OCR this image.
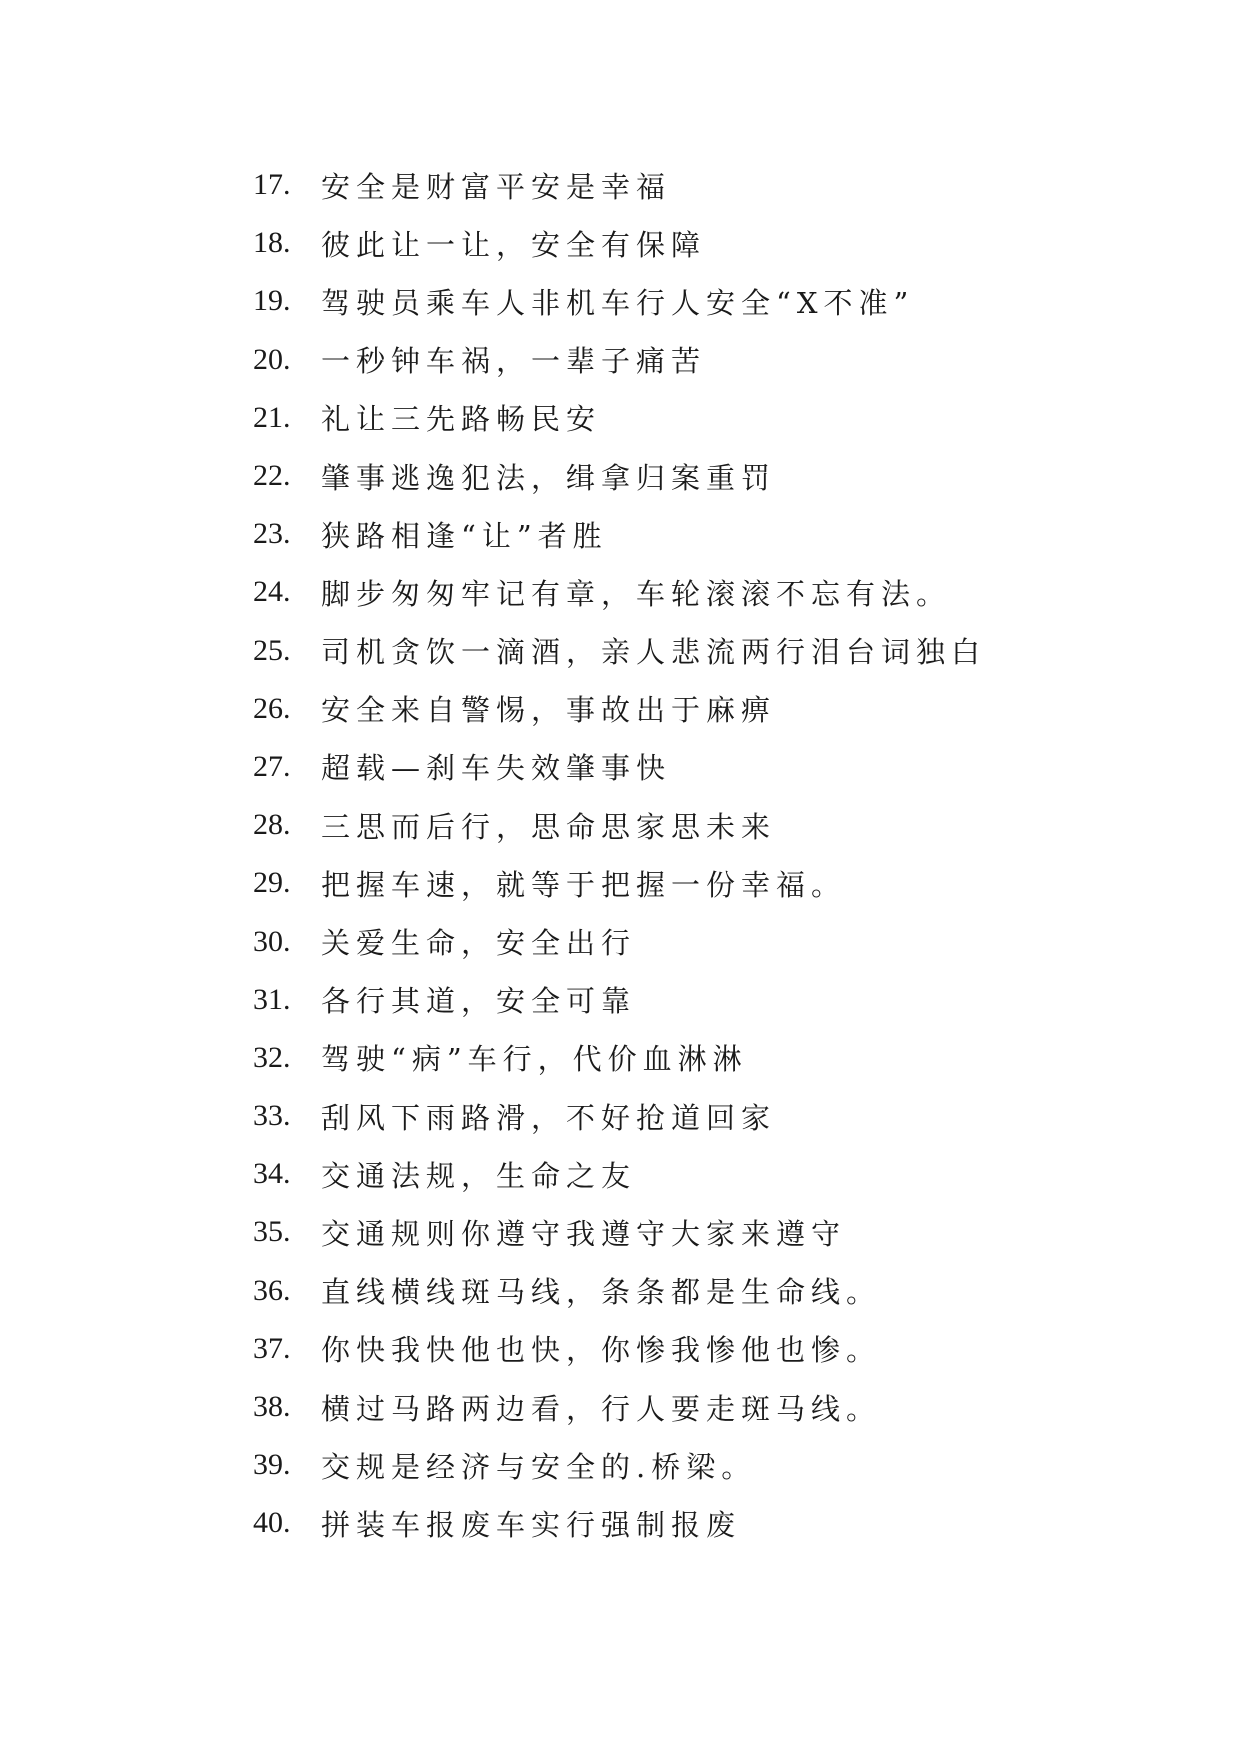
17.	安全是财富平安是幸福
18.	彼此让一让，安全有保障
19.	驾驶员乘车人非机车行人安全“X不准”
20.	一秒钟车祸，一辈子痛苦
21.	礼让三先路畅民安
22.	肇事逃逸犯法，缉拿归案重罚
23.	狭路相逢“让”者胜
24.	脚步匆匆牢记有章，车轮滚滚不忘有法。
25.	司机贪饮一滴酒，亲人悲流两行泪台词独白
26.	安全来自警惕，事故出于麻痹
27.	超载—刹车失效肇事快
28.	三思而后行，思命思家思未来
29.	把握车速，就等于把握一份幸福。
30.	关爱生命，安全出行
31.	各行其道，安全可靠
32.	驾驶“病”车行，代价血淋淋
33.	刮风下雨路滑，不好抢道回家
34.	交通法规，生命之友
35.	交通规则你遵守我遵守大家来遵守
36.	直线横线斑马线，条条都是生命线。
37.	你快我快他也快，你惨我惨他也惨。
38.	横过马路两边看，行人要走斑马线。
39.	交规是经济与安全的.桥梁。
40.	拼装车报废车实行强制报废
